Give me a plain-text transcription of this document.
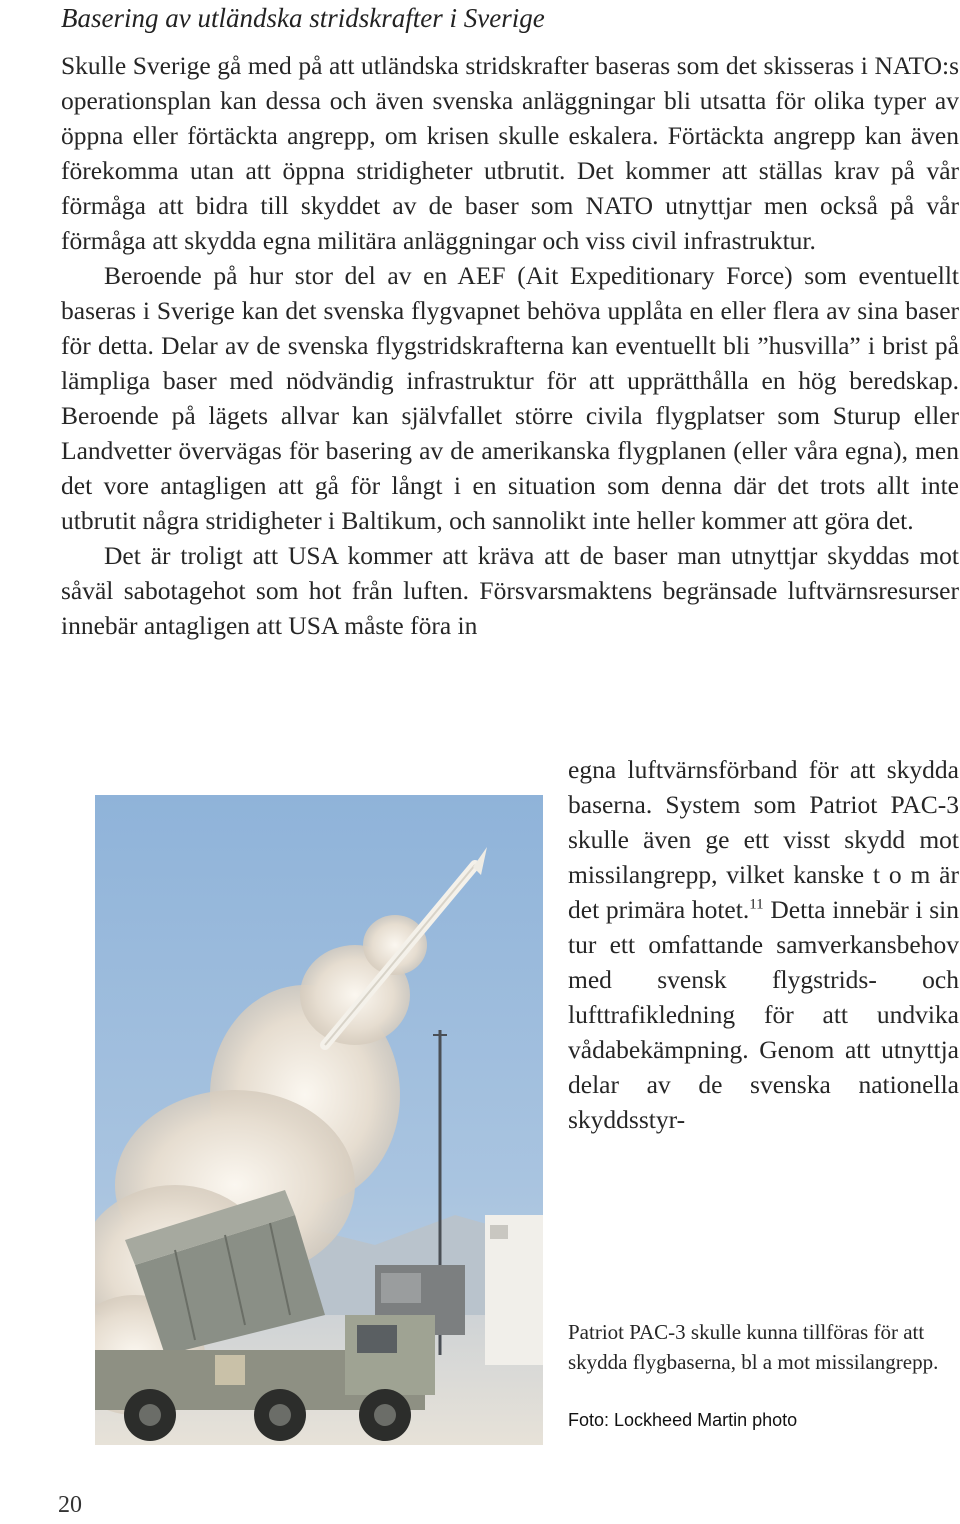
Basering av utländska stridskrafter i Sverige

Skulle Sverige gå med på att utländska stridskrafter baseras som det skisseras i NATO:s operationsplan kan dessa och även svenska anläggningar bli utsatta för olika typer av öppna eller förtäckta angrepp, om krisen skulle eskalera. Förtäckta angrepp kan även förekomma utan att öppna stridigheter utbrutit. Det kommer att ställas krav på vår förmåga att bidra till skyddet av de baser som NATO utnyttjar men också på vår förmåga att skydda egna militära anläggningar och viss civil infrastruktur.

Beroende på hur stor del av en AEF (Ait Expeditionary Force) som eventuellt baseras i Sverige kan det svenska flygvapnet behöva upplåta en eller flera av sina baser för detta. Delar av de svenska flygstridskrafterna kan eventuellt bli ”husvilla” i brist på lämpliga baser med nödvändig infrastruktur för att upprätthålla en hög beredskap. Beroende på lägets allvar kan självfallet större civila flygplatser som Sturup eller Landvetter övervägas för basering av de amerikanska flygplanen (eller våra egna), men det vore antagligen att gå för långt i en situation som denna där det trots allt inte utbrutit några stridigheter i Baltikum, och sannolikt inte heller kommer att göra det.

Det är troligt att USA kommer att kräva att de baser man utnyttjar skyddas mot såväl sabotagehot som hot från luften. Försvarsmaktens begränsade luftvärnsresurser innebär antagligen att USA måste föra in

egna luftvärnsförband för att skydda baserna. System som Patriot PAC-3 skulle även ge ett visst skydd mot missilangrepp, vilket kanske t o m är det primära hotet.$^{11}$ Detta innebär i sin tur ett omfattande samverkansbehov med svensk flygstrids- och lufttrafikledning för att undvika vådabekämpning. Genom att utnyttja delar av de svenska nationella skyddsstyr-

Patriot PAC-3 skulle kunna tillföras för att skydda flygbaserna, bl a mot missilangrepp.
Foto: Lockheed Martin photo
20
